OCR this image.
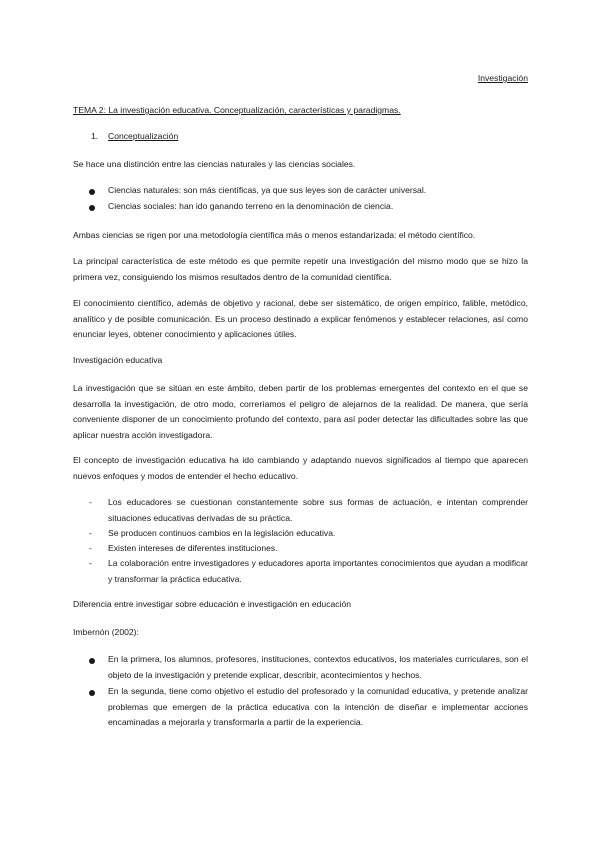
Investigación

TEMA 2: La investigación educativa. Conceptualización, características y paradigmas.

1. Conceptualización

Se hace una distinción entre las ciencias naturales y las ciencias sociales.

Ciencias naturales: son más científicas, ya que sus leyes son de carácter universal.

Ciencias sociales: han ido ganando terreno en la denominación de ciencia.

Ambas ciencias se rigen por una metodología científica más o menos estandarizada: el método científico.

La principal característica de este método es que permite repetir una investigación del mismo modo que se hizo la primera vez, consiguiendo los mismos resultados dentro de la comunidad científica.

El conocimiento científico, además de objetivo y racional, debe ser sistemático, de origen empírico, falible, metódico, analítico y de posible comunicación. Es un proceso destinado a explicar fenómenos y establecer relaciones, así como enunciar leyes, obtener conocimiento y aplicaciones útiles.

Investigación educativa

La investigación que se sitúan en este ámbito, deben partir de los problemas emergentes del contexto en el que se desarrolla la investigación, de otro modo, correríamos el peligro de alejarnos de la realidad. De manera, que sería conveniente disponer de un conocimiento profundo del contexto, para así poder detectar las dificultades sobre las que aplicar nuestra acción investigadora.

El concepto de investigación educativa ha ido cambiando y adaptando nuevos significados al tiempo que aparecen nuevos enfoques y modos de entender el hecho educativo.

- Los educadores se cuestionan constantemente sobre sus formas de actuación, e intentan comprender situaciones educativas derivadas de su práctica.

- Se producen continuos cambios en la legislación educativa.

- Existen intereses de diferentes instituciones.

- La colaboración entre investigadores y educadores aporta importantes conocimientos que ayudan a modificar y transformar la práctica educativa.

Diferencia entre investigar sobre educación e investigación en educación

Imbernón (2002):

En la primera, los alumnos, profesores, instituciones, contextos educativos, los materiales curriculares, son el objeto de la investigación y pretende explicar, describir, acontecimientos y hechos.

En la segunda, tiene como objetivo el estudio del profesorado y la comunidad educativa, y pretende analizar problemas que emergen de la práctica educativa con la intención de diseñar e implementar acciones encaminadas a mejorarla y transformarla a partir de la experiencia.
